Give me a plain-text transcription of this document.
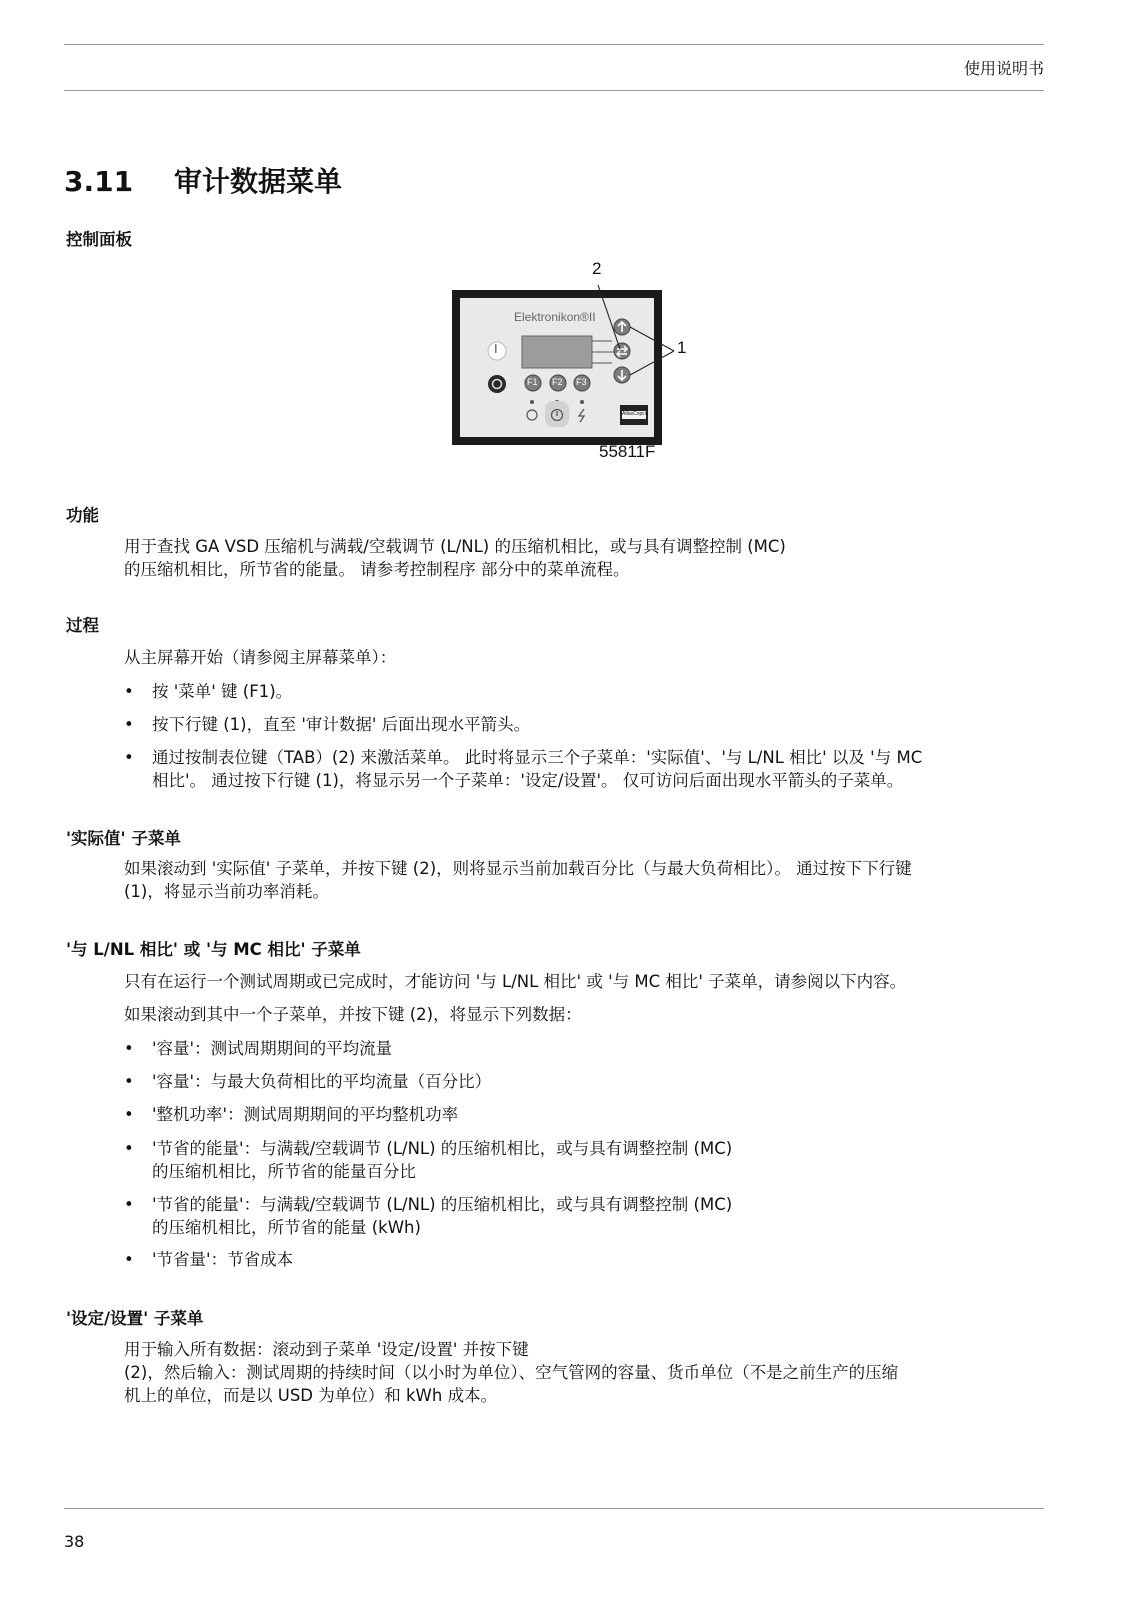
使用说明书
3.11 审计数据菜单
控制面板
Elektronikon®II
I
F1 F2 F3
AtlasCopco
2
1
55811F
功能
用于查找 GA VSD 压缩机与满载/空载调节 (L/NL) 的压缩机相比，或与具有调整控制 (MC)
的压缩机相比，所节省的能量。 请参考控制程序 部分中的菜单流程。
过程
从主屏幕开始（请参阅主屏幕菜单）：
• 按 '菜单' 键 (F1)。
• 按下行键 (1)，直至 '审计数据' 后面出现水平箭头。
• 通过按制表位键（TAB）(2) 来激活菜单。 此时将显示三个子菜单：'实际值'、'与 L/NL 相比' 以及 '与 MC
相比'。 通过按下行键 (1)，将显示另一个子菜单：'设定/设置'。 仅可访问后面出现水平箭头的子菜单。
'实际值' 子菜单
如果滚动到 '实际值' 子菜单，并按下键 (2)，则将显示当前加载百分比（与最大负荷相比）。 通过按下下行键
(1)，将显示当前功率消耗。
'与 L/NL 相比' 或 '与 MC 相比' 子菜单
只有在运行一个测试周期或已完成时，才能访问 '与 L/NL 相比' 或 '与 MC 相比' 子菜单，请参阅以下内容。
如果滚动到其中一个子菜单，并按下键 (2)，将显示下列数据：
• '容量'：测试周期期间的平均流量
• '容量'：与最大负荷相比的平均流量（百分比）
• '整机功率'：测试周期期间的平均整机功率
• '节省的能量'：与满载/空载调节 (L/NL) 的压缩机相比，或与具有调整控制 (MC)
的压缩机相比，所节省的能量百分比
• '节省的能量'：与满载/空载调节 (L/NL) 的压缩机相比，或与具有调整控制 (MC)
的压缩机相比，所节省的能量 (kWh)
• '节省量'：节省成本
'设定/设置' 子菜单
用于输入所有数据：滚动到子菜单 '设定/设置' 并按下键
(2)，然后输入：测试周期的持续时间（以小时为单位）、空气管网的容量、货币单位（不是之前生产的压缩
机上的单位，而是以 USD 为单位）和 kWh 成本。
38
